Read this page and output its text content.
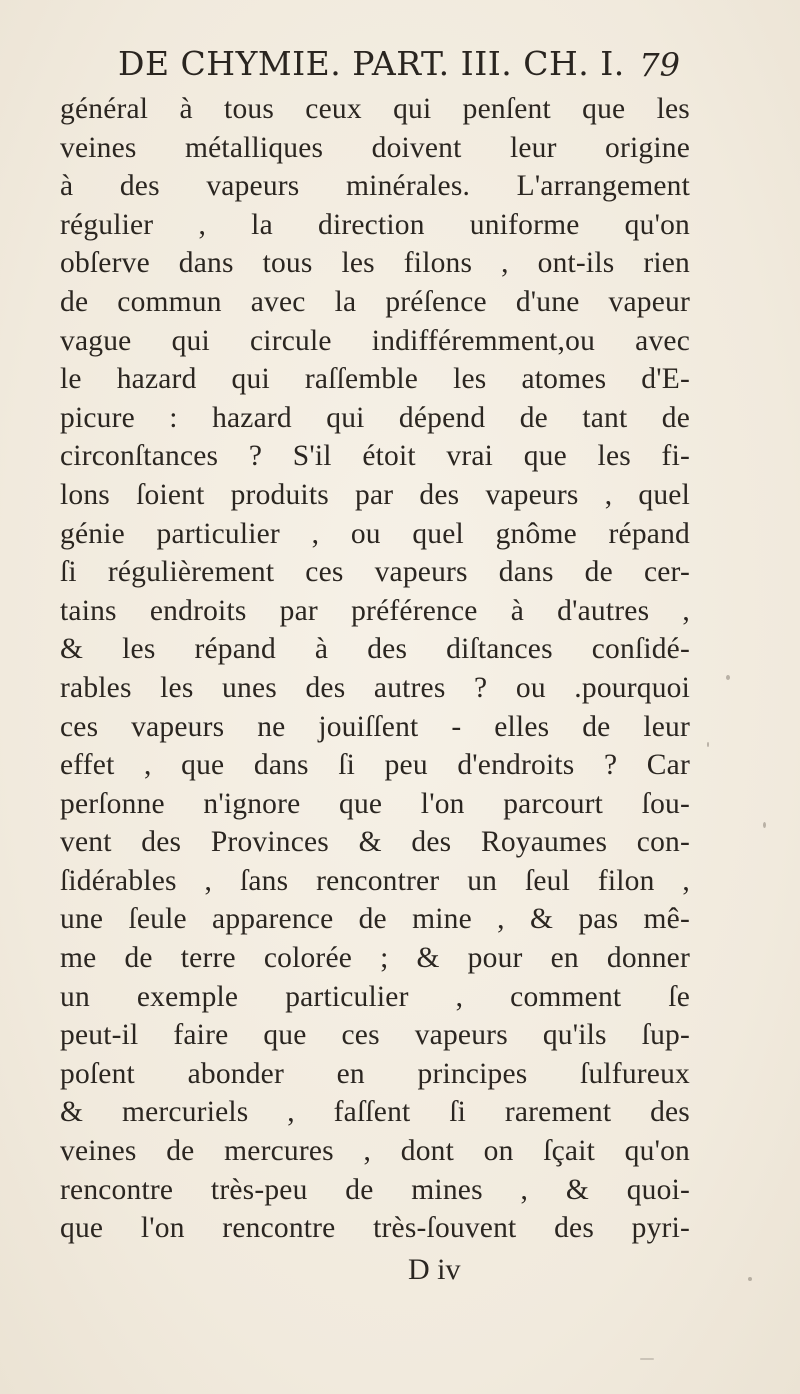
DE CHYMIE. PART. III. CH. I. 79
général à tous ceux qui penſent que les
veines métalliques doivent leur origine
à des vapeurs minérales. L'arrangement
régulier , la direction uniforme qu'on
obſerve dans tous les filons , ont-ils rien
de commun avec la préſence d'une vapeur
vague qui circule indifféremment,ou avec
le hazard qui raſſemble les atomes d'E-
picure : hazard qui dépend de tant de
circonſtances ? S'il étoit vrai que les fi-
lons ſoient produits par des vapeurs , quel
génie particulier , ou quel gnôme répand
ſi régulièrement ces vapeurs dans de cer-
tains endroits par préférence à d'autres ,
& les répand à des diſtances conſidé-
rables les unes des autres ? ou .pourquoi
ces vapeurs ne jouiſſent - elles de leur
effet , que dans ſi peu d'endroits ? Car
perſonne n'ignore que l'on parcourt ſou-
vent des Provinces & des Royaumes con-
ſidérables , ſans rencontrer un ſeul filon ,
une ſeule apparence de mine , & pas mê-
me de terre colorée ; & pour en donner
un exemple particulier , comment ſe
peut-il faire que ces vapeurs qu'ils ſup-
poſent abonder en principes ſulfureux
& mercuriels , faſſent ſi rarement des
veines de mercures , dont on ſçait qu'on
rencontre très-peu de mines , & quoi-
que l'on rencontre très-ſouvent des pyri-
D iv
